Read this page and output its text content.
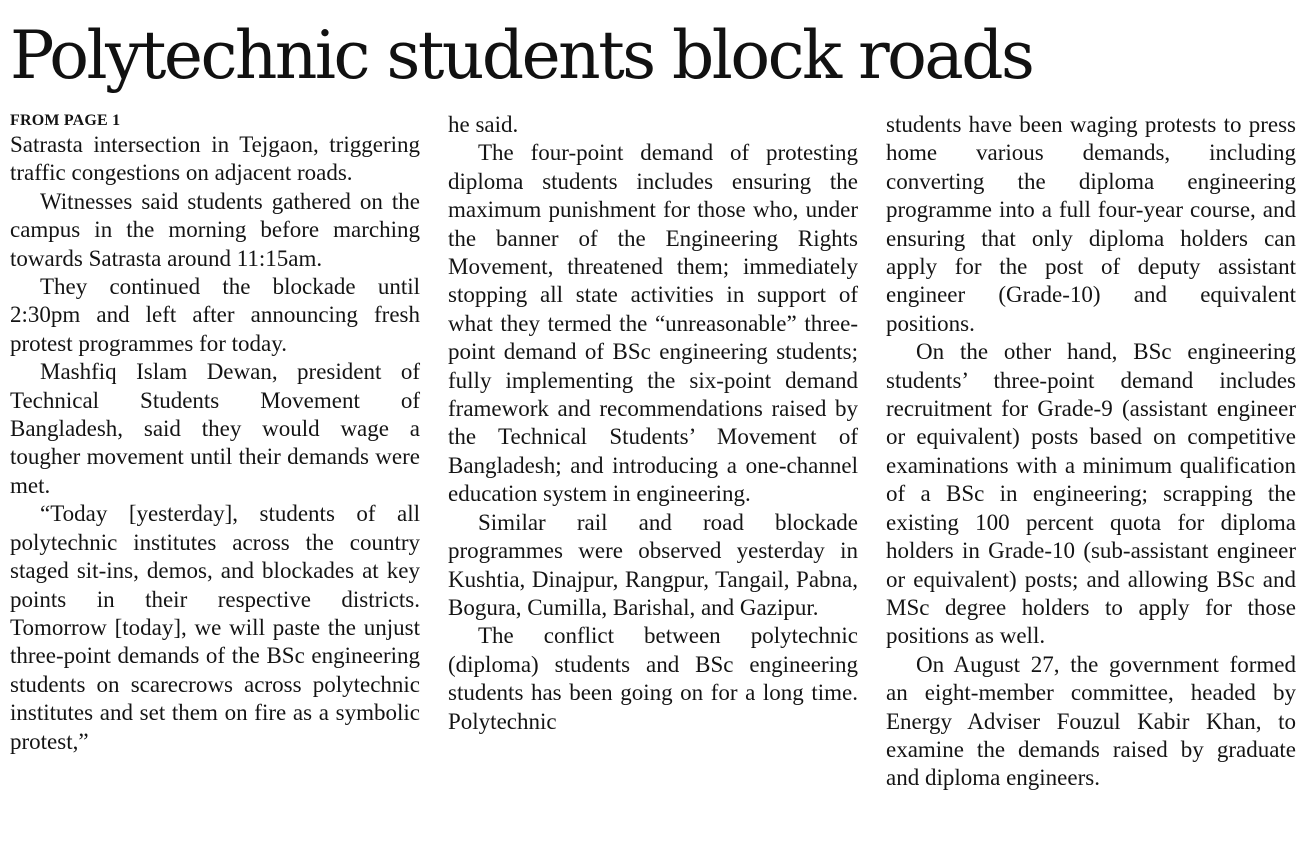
Polytechnic students block roads
FROM PAGE 1

Satrasta intersection in Tejgaon, triggering traffic congestions on adjacent roads.

Witnesses said students gathered on the campus in the morning before marching towards Satrasta around 11:15am.

They continued the blockade until 2:30pm and left after announcing fresh protest programmes for today.

Mashfiq Islam Dewan, president of Technical Students Movement of Bangladesh, said they would wage a tougher movement until their demands were met.

“Today [yesterday], students of all polytechnic institutes across the country staged sit-ins, demos, and blockades at key points in their respective districts. Tomorrow [today], we will paste the unjust three-point demands of the BSc engineering students on scarecrows across polytechnic institutes and set them on fire as a symbolic protest,”

he said.

The four-point demand of protesting diploma students includes ensuring the maximum punishment for those who, under the banner of the Engineering Rights Movement, threatened them; immediately stopping all state activities in support of what they termed the “unreasonable” three-point demand of BSc engineering students; fully implementing the six-point demand framework and recommendations raised by the Technical Students’ Movement of Bangladesh; and introducing a one-channel education system in engineering.

Similar rail and road blockade programmes were observed yesterday in Kushtia, Dinajpur, Rangpur, Tangail, Pabna, Bogura, Cumilla, Barishal, and Gazipur.

The conflict between polytechnic (diploma) students and BSc engineering students has been going on for a long time. Polytechnic

students have been waging protests to press home various demands, including converting the diploma engineering programme into a full four-year course, and ensuring that only diploma holders can apply for the post of deputy assistant engineer (Grade-10) and equivalent positions.

On the other hand, BSc engineering students’ three-point demand includes recruitment for Grade-9 (assistant engineer or equivalent) posts based on competitive examinations with a minimum qualification of a BSc in engineering; scrapping the existing 100 percent quota for diploma holders in Grade-10 (sub-assistant engineer or equivalent) posts; and allowing BSc and MSc degree holders to apply for those positions as well.

On August 27, the government formed an eight-member committee, headed by Energy Adviser Fouzul Kabir Khan, to examine the demands raised by graduate and diploma engineers.
